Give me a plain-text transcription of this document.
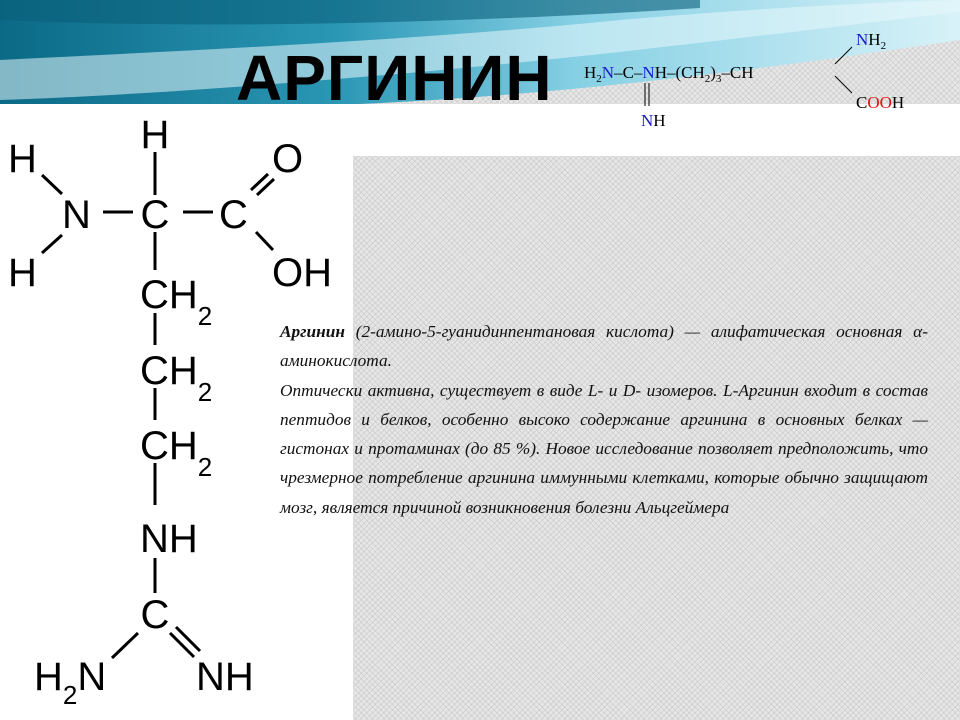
АРГИНИН
H
H
H
N C C
O
OH
$CH_2$
$CH_2$
$CH_2$
NH
C
$H_2N$ NH
$H_2N-C-NH-(CH_2)_3-CH$
NH
$NH_2$
COOH
Аргинин (2-амино-5-гуанидинпентановая кислота) — алифатическая основная α-аминокислота.
Оптически активна, существует в виде L- и D- изомеров. L-Аргинин входит в состав пептидов и белков, особенно высоко содержание аргинина в основных белках — гистонах и протаминах (до 85 %). Новое исследование позволяет предположить, что чрезмерное потребление аргинина иммунными клетками, которые обычно защищают мозг, является причиной возникновения болезни Альцгеймера
